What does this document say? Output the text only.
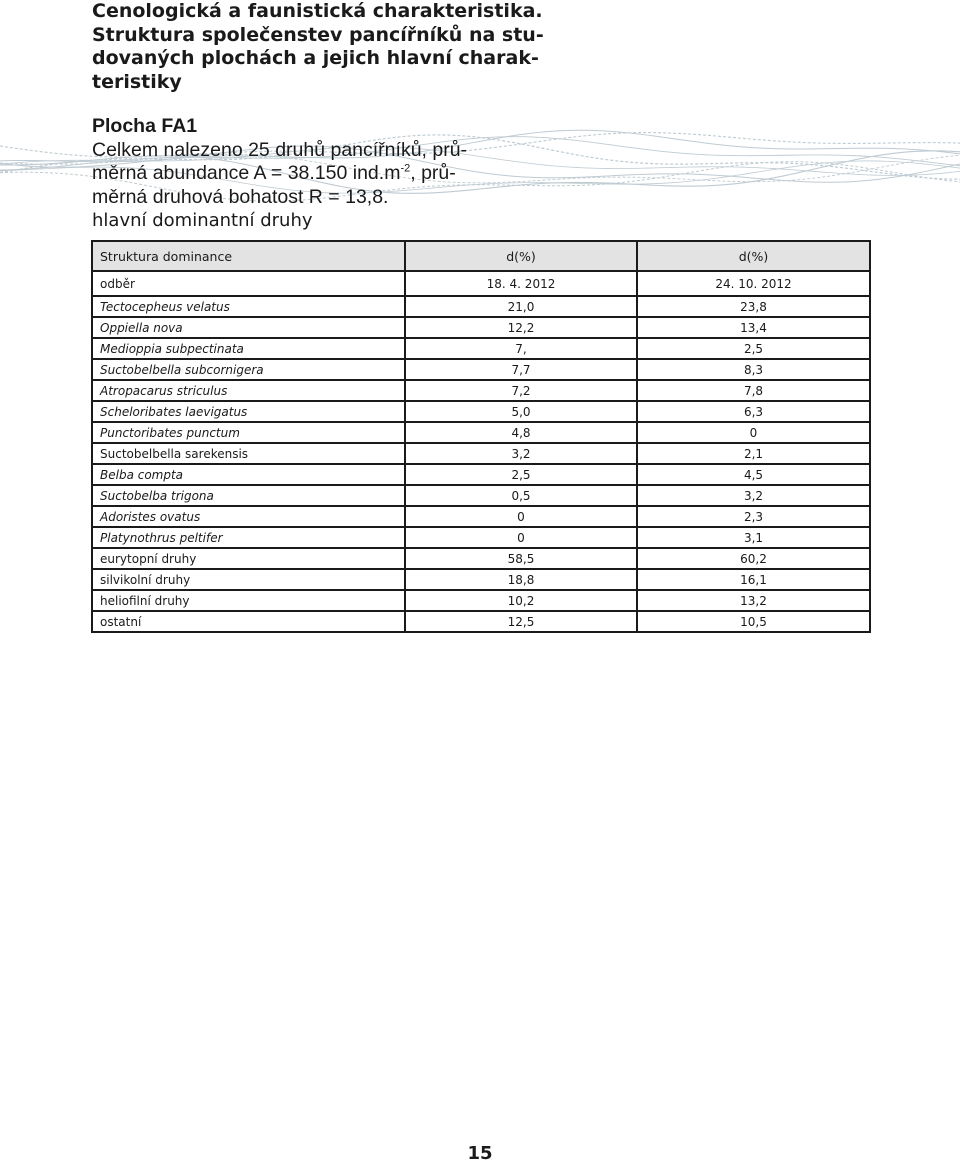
Cenologická a faunistická charakteristika.
Struktura společenstev pancířníků na stu-
dovaných plochách a jejich hlavní charak-
teristiky
Plocha FA1
Celkem nalezeno 25 druhů pancířníků, prů-
měrná abundance A = 38.150 $ind.m^{-2}$, prů-
měrná druhová bohatost R = 13,8.
hlavní dominantní druhy
Struktura dominance	d(%)	d(%)
odběr	18. 4. 2012	24. 10. 2012
Tectocepheus velatus	21,0	23,8
Oppiella nova	12,2	13,4
Medioppia subpectinata	7,	2,5
Suctobelbella subcornigera	7,7	8,3
Atropacarus striculus	7,2	7,8
Scheloribates laevigatus	5,0	6,3
Punctoribates punctum	4,8	0
Suctobelbella sarekensis	3,2	2,1
Belba compta	2,5	4,5
Suctobelba trigona	0,5	3,2
Adoristes ovatus	0	2,3
Platynothrus peltifer	0	3,1
eurytopní druhy	58,5	60,2
silvikolní druhy	18,8	16,1
heliofilní druhy	10,2	13,2
ostatní	12,5	10,5
15
